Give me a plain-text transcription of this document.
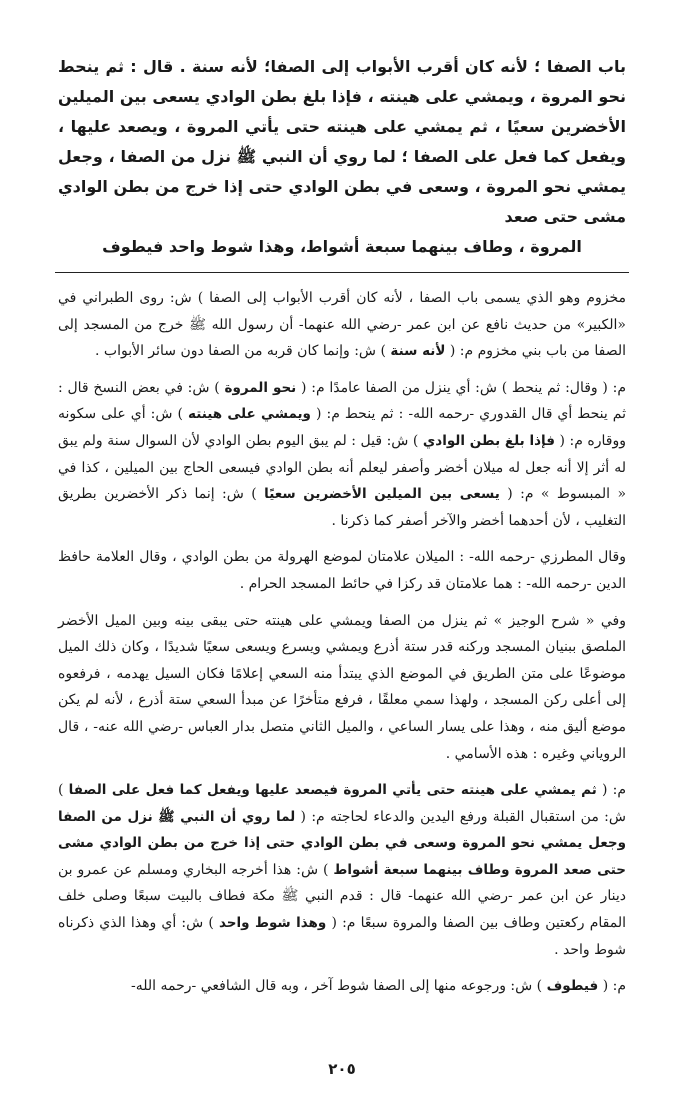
باب الصفا ؛ لأنه كان أقرب الأبواب إلى الصفا؛ لأنه سنة . قال : ثم ينحط نحو المروة ، ويمشي على هينته ، فإذا بلغ بطن الوادي يسعى بين الميلين الأخضرين سعيًا ، ثم يمشي على هينته حتى يأتي المروة ، ويصعد عليها ، ويفعل كما فعل على الصفا ؛ لما روي أن النبي ﷺ نزل من الصفا ، وجعل يمشي نحو المروة ، وسعى في بطن الوادي حتى إذا خرج من بطن الوادي مشى حتى صعد
المروة ، وطاف بينهما سبعة أشواط، وهذا شوط واحد فيطوف

مخزوم وهو الذي يسمى باب الصفا ، لأنه كان أقرب الأبواب إلى الصفا ) ش: روى الطبراني في «الكبير» من حديث نافع عن ابن عمر -رضي الله عنهما- أن رسول الله ﷺ خرج من المسجد إلى الصفا من باب بني مخزوم م: ( لأنه سنة ) ش: وإنما كان قربه من الصفا دون سائر الأبواب .

م: ( وقال: ثم ينحط ) ش: أي ينزل من الصفا عامدًا م: ( نحو المروة ) ش: في بعض النسخ قال : ثم ينحط أي قال القدوري -رحمه الله- : ثم ينحط م: ( ويمشي على هينته ) ش: أي على سكونه ووقاره م: ( فإذا بلغ بطن الوادي ) ش: قيل : لم يبق اليوم بطن الوادي لأن السوال سنة ولم يبق له أثر إلا أنه جعل له ميلان أخضر وأصفر ليعلم أنه بطن الوادي فيسعى الحاج بين الميلين ، كذا في « المبسوط » م: ( يسعى بين الميلين الأخضرين سعيًا ) ش: إنما ذكر الأخضرين بطريق التغليب ، لأن أحدهما أخضر والآخر أصفر كما ذكرنا .

وقال المطرزي -رحمه الله- : الميلان علامتان لموضع الهرولة من بطن الوادي ، وقال العلامة حافظ الدين -رحمه الله- : هما علامتان قد ركزا في حائط المسجد الحرام .

وفي « شرح الوجيز » ثم ينزل من الصفا ويمشي على هينته حتى يبقى بينه وبين الميل الأخضر الملصق ببنيان المسجد وركنه قدر ستة أذرع ويمشي ويسرع ويسعى سعيًا شديدًا ، وكان ذلك الميل موضوعًا على متن الطريق في الموضع الذي يبتدأ منه السعي إعلامًا فكان السيل يهدمه ، فرفعوه إلى أعلى ركن المسجد ، ولهذا سمي معلقًا ، فرفع متأخرًا عن مبدأ السعي ستة أذرع ، لأنه لم يكن موضع أليق منه ، وهذا على يسار الساعي ، والميل الثاني متصل بدار العباس -رضي الله عنه- ، قال الروياني وغيره : هذه الأسامي .

م: ( ثم يمشي على هينته حتى يأتي المروة فيصعد عليها ويفعل كما فعل على الصفا ) ش: من استقبال القبلة ورفع اليدين والدعاء لحاجته م: ( لما روي أن النبي ﷺ نزل من الصفا وجعل يمشي نحو المروة وسعى في بطن الوادي حتى إذا خرج من بطن الوادي مشى حتى صعد المروة وطاف بينهما سبعة أشواط ) ش: هذا أخرجه البخاري ومسلم عن عمرو بن دينار عن ابن عمر -رضي الله عنهما- قال : قدم النبي ﷺ مكة فطاف بالبيت سبعًا وصلى خلف المقام ركعتين وطاف بين الصفا والمروة سبعًا م: ( وهذا شوط واحد ) ش: أي وهذا الذي ذكرناه شوط واحد .

م: ( فيطوف ) ش: ورجوعه منها إلى الصفا شوط آخر ، وبه قال الشافعي -رحمه الله-

٢٠٥
